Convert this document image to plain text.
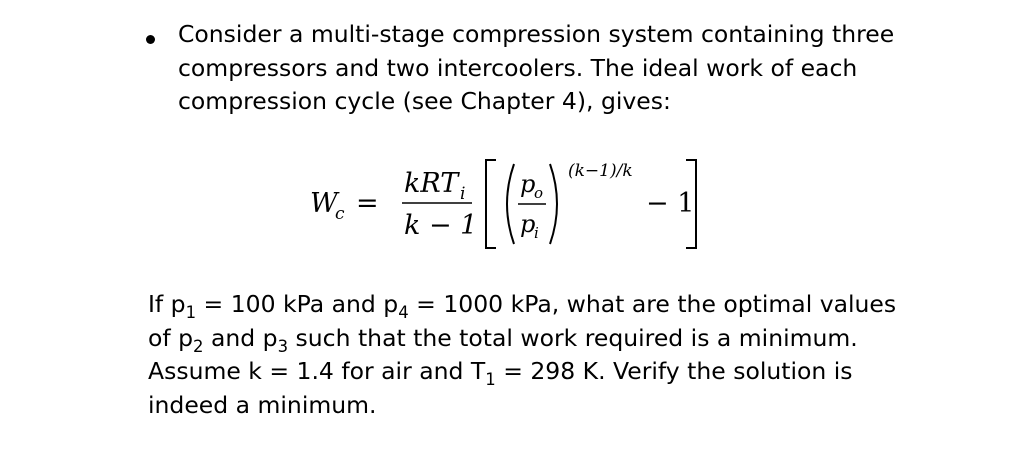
Consider a multi-stage compression system containing three compressors and two intercoolers. The ideal work of each compression cycle (see Chapter 4), gives:
W
c =
kRT i
k − 1
p
o
p
i
(k−1)/k
− 1
If $p_1 = 100$ kPa and $p_4 = 1000$ kPa, what are the optimal values of $p_2$ and $p_3$ such that the total work required is a minimum. Assume k = 1.4 for air and $T_1 = 298$ K. Verify the solution is indeed a minimum.
